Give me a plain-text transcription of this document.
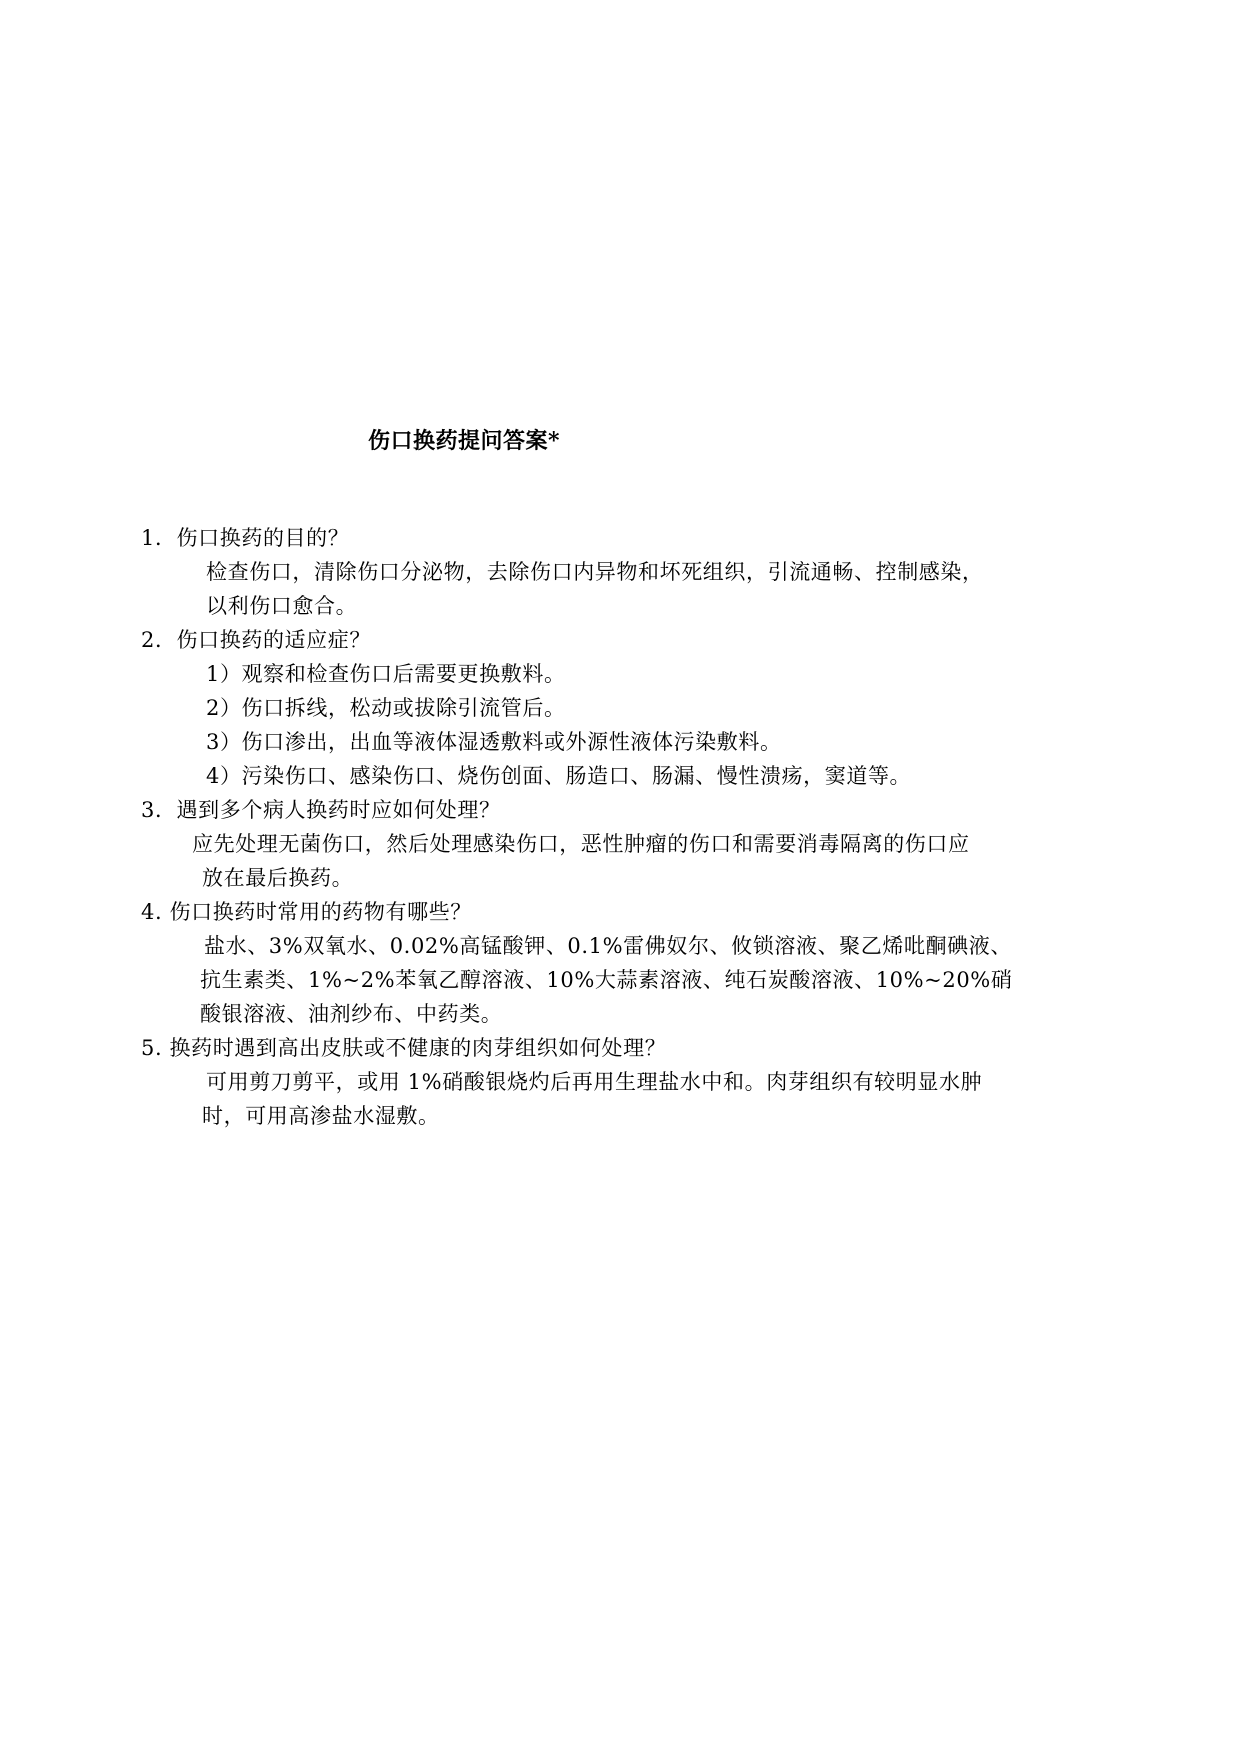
伤口换药提问答案*
1．伤口换药的目的？
检查伤口，清除伤口分泌物，去除伤口内异物和坏死组织，引流通畅、控制感染，
以利伤口愈合。
2．伤口换药的适应症？
1）观察和检查伤口后需要更换敷料。
2）伤口拆线，松动或拔除引流管后。
3）伤口渗出，出血等液体湿透敷料或外源性液体污染敷料。
4）污染伤口、感染伤口、烧伤创面、肠造口、肠漏、慢性溃疡，窦道等。
3．遇到多个病人换药时应如何处理？
应先处理无菌伤口，然后处理感染伤口，恶性肿瘤的伤口和需要消毒隔离的伤口应
放在最后换药。
4. 伤口换药时常用的药物有哪些？
盐水、3%双氧水、0.02%高锰酸钾、0.1%雷佛奴尔、攸锁溶液、聚乙烯吡酮碘液、
抗生素类、1%~2%苯氧乙醇溶液、10%大蒜素溶液、纯石炭酸溶液、10%~20%硝
酸银溶液、油剂纱布、中药类。
5. 换药时遇到高出皮肤或不健康的肉芽组织如何处理？
可用剪刀剪平，或用 1%硝酸银烧灼后再用生理盐水中和。肉芽组织有较明显水肿
时，可用高渗盐水湿敷。
